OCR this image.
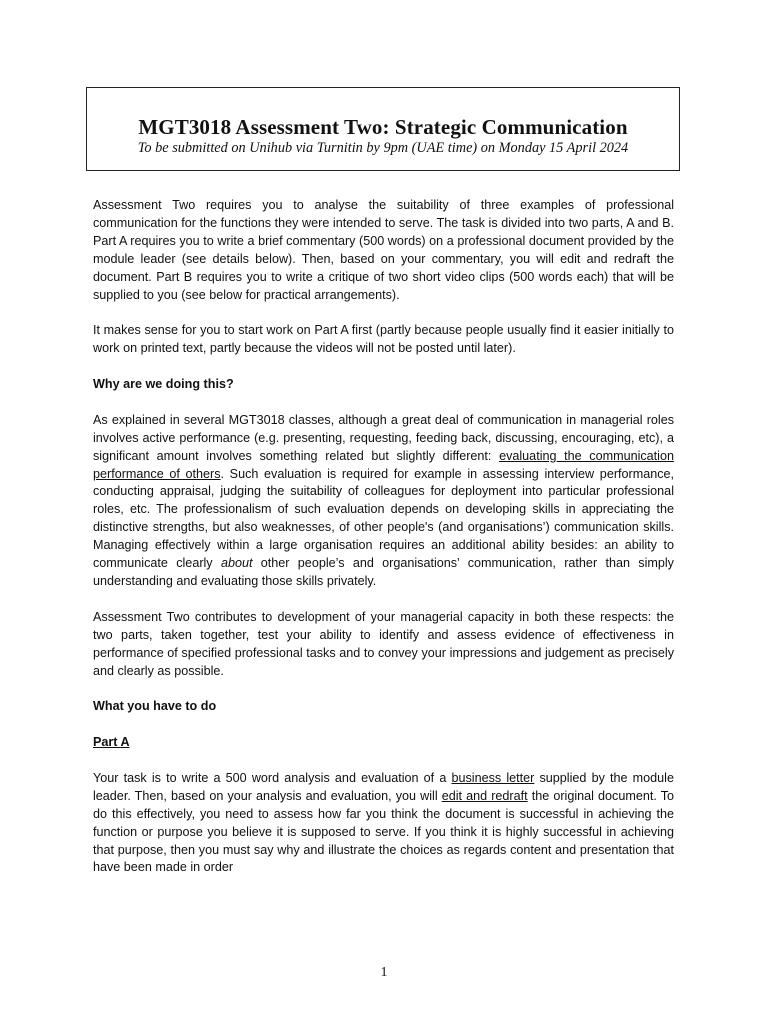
MGT3018 Assessment Two: Strategic Communication
To be submitted on Unihub via Turnitin by 9pm (UAE time) on Monday 15 April 2024

Assessment Two requires you to analyse the suitability of three examples of professional communication for the functions they were intended to serve. The task is divided into two parts, A and B. Part A requires you to write a brief commentary (500 words) on a professional document provided by the module leader (see details below). Then, based on your commentary, you will edit and redraft the document. Part B requires you to write a critique of two short video clips (500 words each) that will be supplied to you (see below for practical arrangements).

It makes sense for you to start work on Part A first (partly because people usually find it easier initially to work on printed text, partly because the videos will not be posted until later).

Why are we doing this?

As explained in several MGT3018 classes, although a great deal of communication in managerial roles involves active performance (e.g. presenting, requesting, feeding back, discussing, encouraging, etc), a significant amount involves something related but slightly different: evaluating the communication performance of others. Such evaluation is required for example in assessing interview performance, conducting appraisal, judging the suitability of colleagues for deployment into particular professional roles, etc. The professionalism of such evaluation depends on developing skills in appreciating the distinctive strengths, but also weaknesses, of other people's (and organisations’) communication skills. Managing effectively within a large organisation requires an additional ability besides: an ability to communicate clearly about other people’s and organisations’ communication, rather than simply understanding and evaluating those skills privately.

Assessment Two contributes to development of your managerial capacity in both these respects: the two parts, taken together, test your ability to identify and assess evidence of effectiveness in performance of specified professional tasks and to convey your impressions and judgement as precisely and clearly as possible.

What you have to do

Part A

Your task is to write a 500 word analysis and evaluation of a business letter supplied by the module leader. Then, based on your analysis and evaluation, you will edit and redraft the original document. To do this effectively, you need to assess how far you think the document is successful in achieving the function or purpose you believe it is supposed to serve. If you think it is highly successful in achieving that purpose, then you must say why and illustrate the choices as regards content and presentation that have been made in order

1
